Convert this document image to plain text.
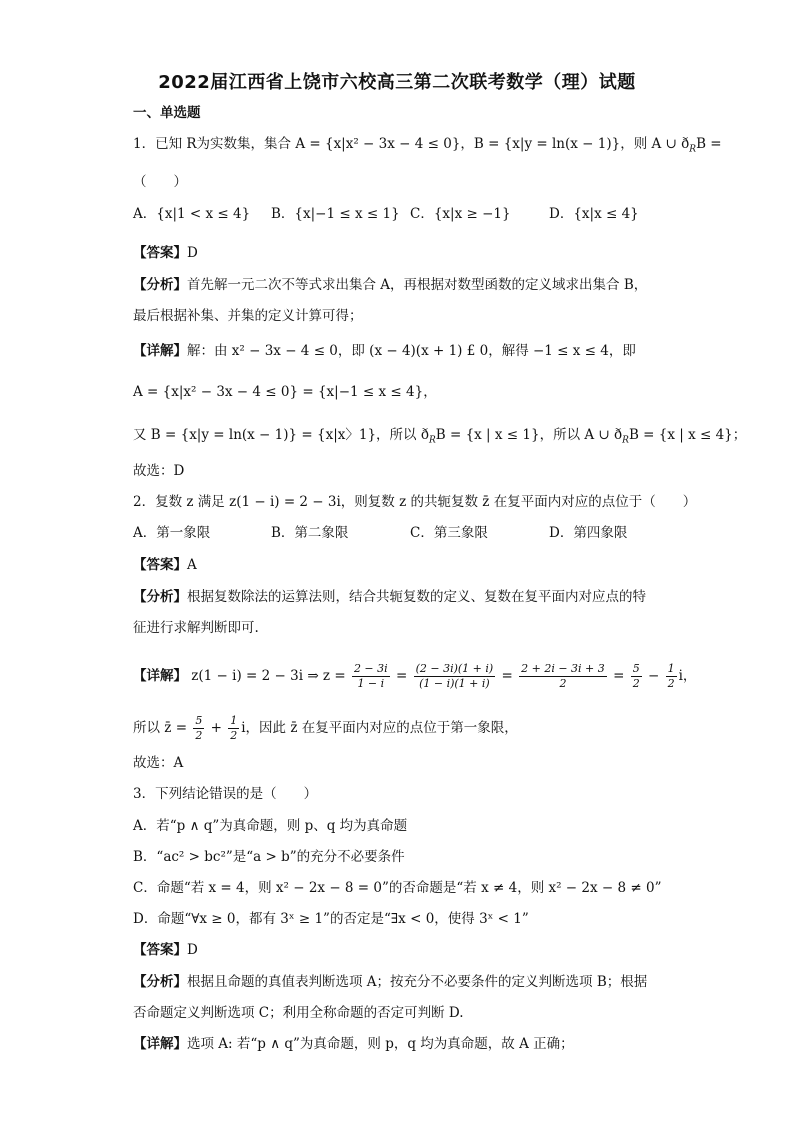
2022届江西省上饶市六校高三第二次联考数学（理）试题
一、单选题
1．已知 R为实数集，集合 A = {x|x² − 3x − 4 ≤ 0}，B = {x|y = ln(x − 1)}，则 A ∪ $ð_RB$ =
（　　）
A．{x|1 < x ≤ 4} B．{x|−1 ≤ x ≤ 1} C．{x|x ≥ −1}	D．{x|x ≤ 4}
【答案】D
【分析】首先解一元二次不等式求出集合 A，再根据对数型函数的定义域求出集合 B，
最后根据补集、并集的定义计算可得；
【详解】解：由 x² − 3x − 4 ≤ 0，即 (x − 4)(x + 1) £ 0，解得 −1 ≤ x ≤ 4，即
A = {x|x² − 3x − 4 ≤ 0} = {x|−1 ≤ x ≤ 4}，
又 B = {x|y = ln(x − 1)} = {x|x〉1}，所以 $ð_RB = \{x$ | x ≤ 1}，所以 A ∪ $ð_RB = \{x$ | x ≤ 4}；
故选：D
2．复数 z 满足 z(1 − i) = 2 − 3i，则复数 z 的共轭复数 z̄ 在复平面内对应的点位于（　　）
A．第一象限	B．第二象限	C．第三象限	D．第四象限
【答案】A
【分析】根据复数除法的运算法则，结合共轭复数的定义、复数在复平面内对应点的特
征进行求解判断即可.
【详解】 z(1 − i) = 2 − 3i ⇒ $z = \frac{2 - 3i}{1 - i} = \frac{(2 - 3i)(1 + i)}{(1 - i)(1 + i)} = \frac{2 + 2i - 3i + 3}{2} = \frac{5}{2} - \frac{1}{2}$ i，
所以 z̄ = $\frac{5}{2} + \frac{1}{2}$ i，因此 z̄ 在复平面内对应的点位于第一象限，
故选：A
3．下列结论错误的是（　　）
A．若“p ∧ q”为真命题，则 p、q 均为真命题
B．“ac² > bc²”是“a > b”的充分不必要条件
C．命题“若 x = 4，则 x² − 2x − 8 = 0”的否命题是“若 x ≠ 4，则 x² − 2x − 8 ≠ 0”
D．命题“∀x ≥ 0，都有 3ˣ ≥ 1”的否定是“∃x < 0，使得 3ˣ < 1”
【答案】D
【分析】根据且命题的真值表判断选项 A；按充分不必要条件的定义判断选项 B；根据
否命题定义判断选项 C；利用全称命题的否定可判断 D.
【详解】选项 A: 若“p ∧ q”为真命题，则 p，q 均为真命题，故 A 正确；
